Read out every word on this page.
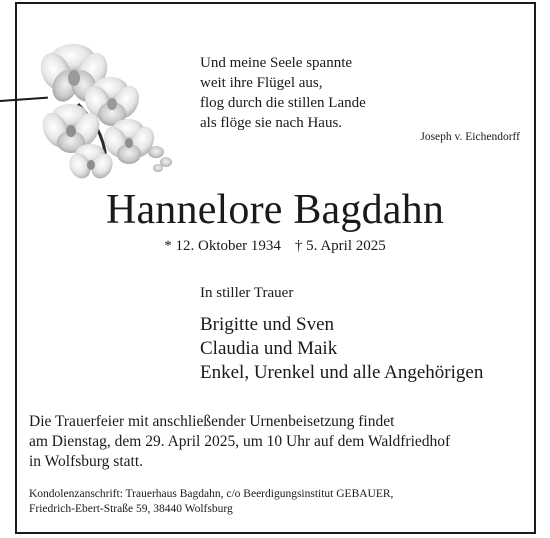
Und meine Seele spannte
weit ihre Flügel aus,
flog durch die stillen Lande
als flöge sie nach Haus.
Joseph v. Eichendorff
Hannelore Bagdahn
* 12. Oktober 1934 † 5. April 2025
In stiller Trauer
Brigitte und Sven
Claudia und Maik
Enkel, Urenkel und alle Angehörigen
Die Trauerfeier mit anschließender Urnenbeisetzung findet
am Dienstag, dem 29. April 2025, um 10 Uhr auf dem Waldfriedhof
in Wolfsburg statt.
Kondolenzanschrift: Trauerhaus Bagdahn, c/o Beerdigungsinstitut GEBAUER,
Friedrich-Ebert-Straße 59, 38440 Wolfsburg
